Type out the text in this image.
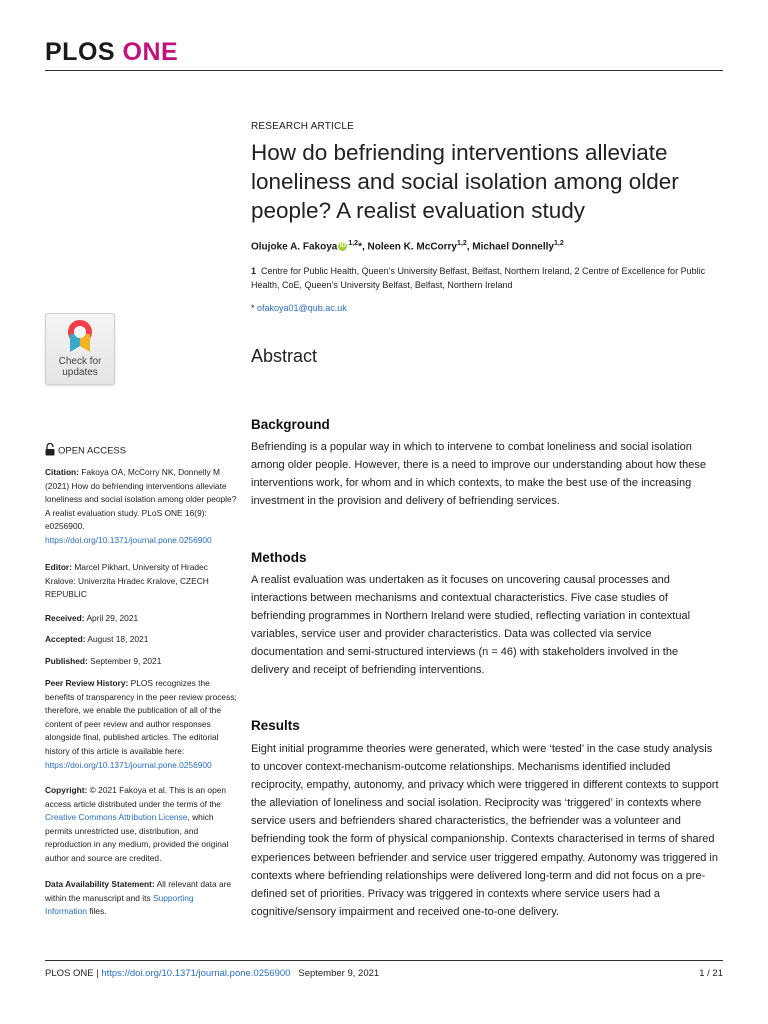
PLOS ONE
RESEARCH ARTICLE
How do befriending interventions alleviate loneliness and social isolation among older people? A realist evaluation study
Olujoke A. Fakoya iD $^{1,2}$*, Noleen K. McCorry$^{1,2}$, Michael Donnelly$^{1,2}$
1 Centre for Public Health, Queen’s University Belfast, Belfast, Northern Ireland, 2 Centre of Excellence for Public Health, CoE, Queen’s University Belfast, Belfast, Northern Ireland
* ofakoya01@qub.ac.uk
Check for
updates
Abstract
Background
Befriending is a popular way in which to intervene to combat loneliness and social isolation among older people. However, there is a need to improve our understanding about how these interventions work, for whom and in which contexts, to make the best use of the increasing investment in the provision and delivery of befriending services.
Methods
A realist evaluation was undertaken as it focuses on uncovering causal processes and interactions between mechanisms and contextual characteristics. Five case studies of befriending programmes in Northern Ireland were studied, reflecting variation in contextual variables, service user and provider characteristics. Data was collected via service documentation and semi-structured interviews (n = 46) with stakeholders involved in the delivery and receipt of befriending interventions.
Results
Eight initial programme theories were generated, which were ‘tested’ in the case study analysis to uncover context-mechanism-outcome relationships. Mechanisms identified included reciprocity, empathy, autonomy, and privacy which were triggered in different contexts to support the alleviation of loneliness and social isolation. Reciprocity was ‘triggered’ in contexts where service users and befrienders shared characteristics, the befriender was a volunteer and befriending took the form of physical companionship. Contexts characterised in terms of shared experiences between befriender and service user triggered empathy. Autonomy was triggered in contexts where befriending relationships were delivered long-term and did not focus on a pre-defined set of priorities. Privacy was triggered in contexts where service users had a cognitive/sensory impairment and received one-to-one delivery.
OPEN ACCESS
Citation: Fakoya OA, McCorry NK, Donnelly M (2021) How do befriending interventions alleviate loneliness and social isolation among older people? A realist evaluation study. PLoS ONE 16(9): e0256900. https://doi.org/10.1371/journal.pone.0256900
Editor: Marcel Pikhart, University of Hradec Kralove: Univerzita Hradec Kralove, CZECH REPUBLIC
Received: April 29, 2021
Accepted: August 18, 2021
Published: September 9, 2021
Peer Review History: PLOS recognizes the benefits of transparency in the peer review process; therefore, we enable the publication of all of the content of peer review and author responses alongside final, published articles. The editorial history of this article is available here: https://doi.org/10.1371/journal.pone.0256900
Copyright: © 2021 Fakoya et al. This is an open access article distributed under the terms of the Creative Commons Attribution License, which permits unrestricted use, distribution, and reproduction in any medium, provided the original author and source are credited.
Data Availability Statement: All relevant data are within the manuscript and its Supporting Information files.
PLOS ONE | https://doi.org/10.1371/journal.pone.0256900 September 9, 2021	1 / 21
